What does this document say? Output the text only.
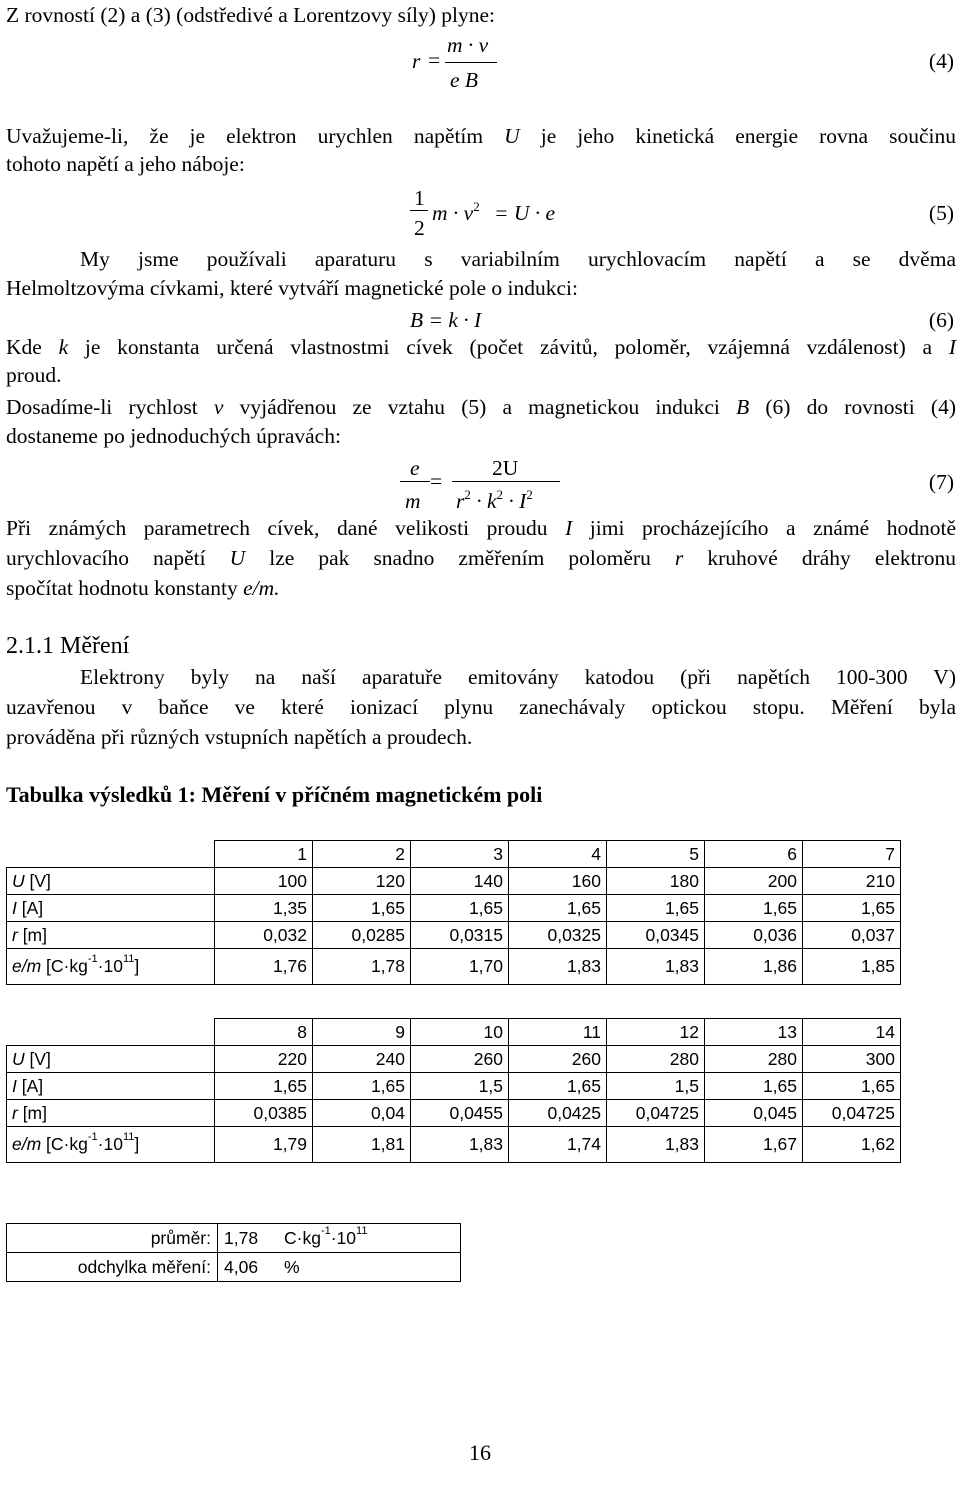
Z rovností (2) a (3) (odstředivé a Lorentzovy síly) plyne:
r =
m · v
e B
(4)
Uvažujeme-li, že je elektron urychlen napětím U je jeho kinetická energie rovna součinu
tohoto napětí a jeho náboje:
1
2
$m \cdot v^2 = U \cdot e$	(5)
My jsme používali aparaturu s variabilním urychlovacím napětí a se dvěma
Helmoltzovýma cívkami, které vytváří magnetické pole o indukci:
B = k · I	(6)
Kde k je konstanta určená vlastnostmi cívek (počet závitů, poloměr, vzájemná vzdálenost) a I
proud.
Dosadíme-li rychlost v vyjádřenou ze vztahu (5) a magnetickou indukci B (6) do rovnosti (4)
dostaneme po jednoduchých úpravách:
e
m
=
2U
$r^2 \cdot k^2 \cdot I^2$
(7)
Při známých parametrech cívek, dané velikosti proudu I jimi procházejícího a známé hodnotě
urychlovacího napětí U lze pak snadno změřením poloměru r kruhové dráhy elektronu
spočítat hodnotu konstanty e/m.
2.1.1 Měření
Elektrony byly na naší aparatuře emitovány katodou (při napětích 100-300 V)
uzavřenou v baňce ve které ionizací plynu zanechávaly optickou stopu. Měření byla
prováděna při různých vstupních napětích a proudech.
Tabulka výsledků 1: Měření v příčném magnetickém poli
	1	2	3	4	5	6	7
U [V]	100	120	140	160	180	200	210
I [A]	1,35	1,65	1,65	1,65	1,65	1,65	1,65
r [m]	0,032	0,0285	0,0315	0,0325	0,0345	0,036	0,037
e/m $[C\cdot kg^{-1}\cdot 10^{11}]$	1,76	1,78	1,70	1,83	1,83	1,86	1,85
	8	9	10	11	12	13	14
U [V]	220	240	260	260	280	280	300
I [A]	1,65	1,65	1,5	1,65	1,5	1,65	1,65
r [m]	0,0385	0,04	0,0455	0,0425	0,04725	0,045	0,04725
e/m $[C\cdot kg^{-1}\cdot 10^{11}]$	1,79	1,81	1,83	1,74	1,83	1,67	1,62
průměr:	1,78	$C\cdot kg^{-1}\cdot 10^{11}$
odchylka měření:	4,06	%
16
